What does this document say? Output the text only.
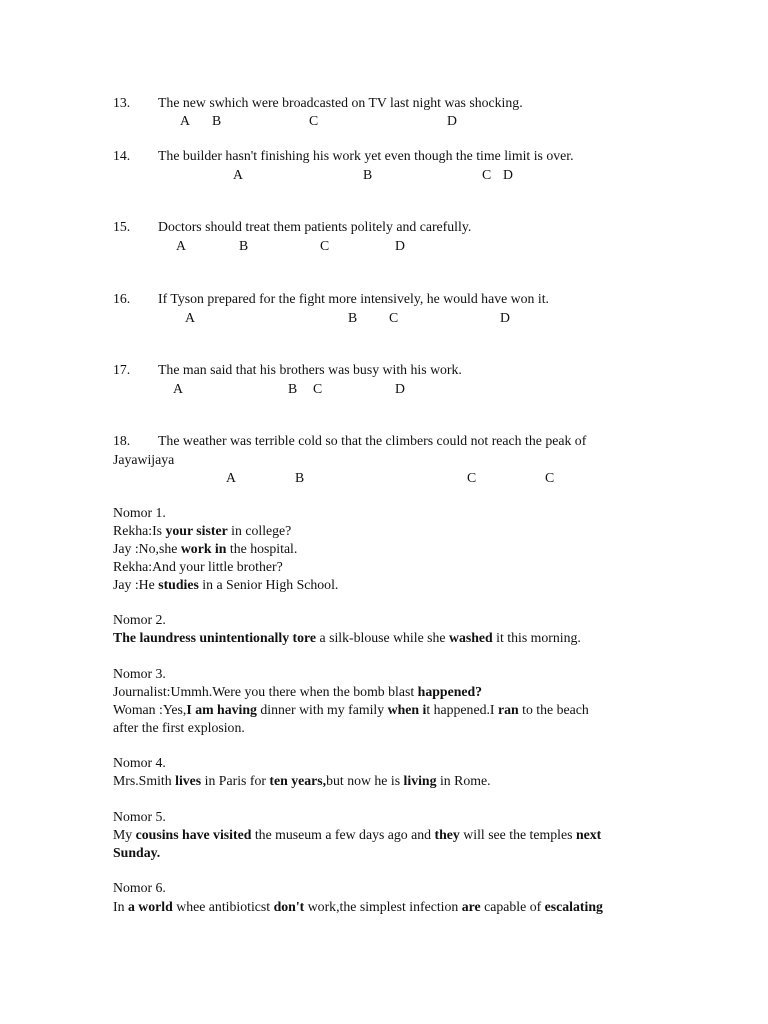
13. The new swhich were broadcasted on TV last night was shocking.
A B	C	D
14. The builder hasn't finishing his work yet even though the time limit is over.
A	B	C D
15. Doctors should treat them patients politely and carefully.
A	B	C	D
16. If Tyson prepared for the fight more intensively, he would have won it.
A	B C	D
17. The man said that his brothers was busy with his work.
A	B C	D
18. The weather was terrible cold so that the climbers could not reach the peak of
Jayawijaya
A	B	C	C
Nomor 1.
Rekha:Is your sister in college?
Jay :No,she work in the hospital.
Rekha:And your little brother?
Jay :He studies in a Senior High School.
Nomor 2.
The laundress unintentionally tore a silk-blouse while she washed it this morning.
Nomor 3.
Journalist:Ummh.Were you there when the bomb blast happened?
Woman :Yes,I am having dinner with my family when it happened.I ran to the beach
after the first explosion.
Nomor 4.
Mrs.Smith lives in Paris for ten years,but now he is living in Rome.
Nomor 5.
My cousins have visited the museum a few days ago and they will see the temples next
Sunday.
Nomor 6.
In a world whee antibioticst don't work,the simplest infection are capable of escalating
